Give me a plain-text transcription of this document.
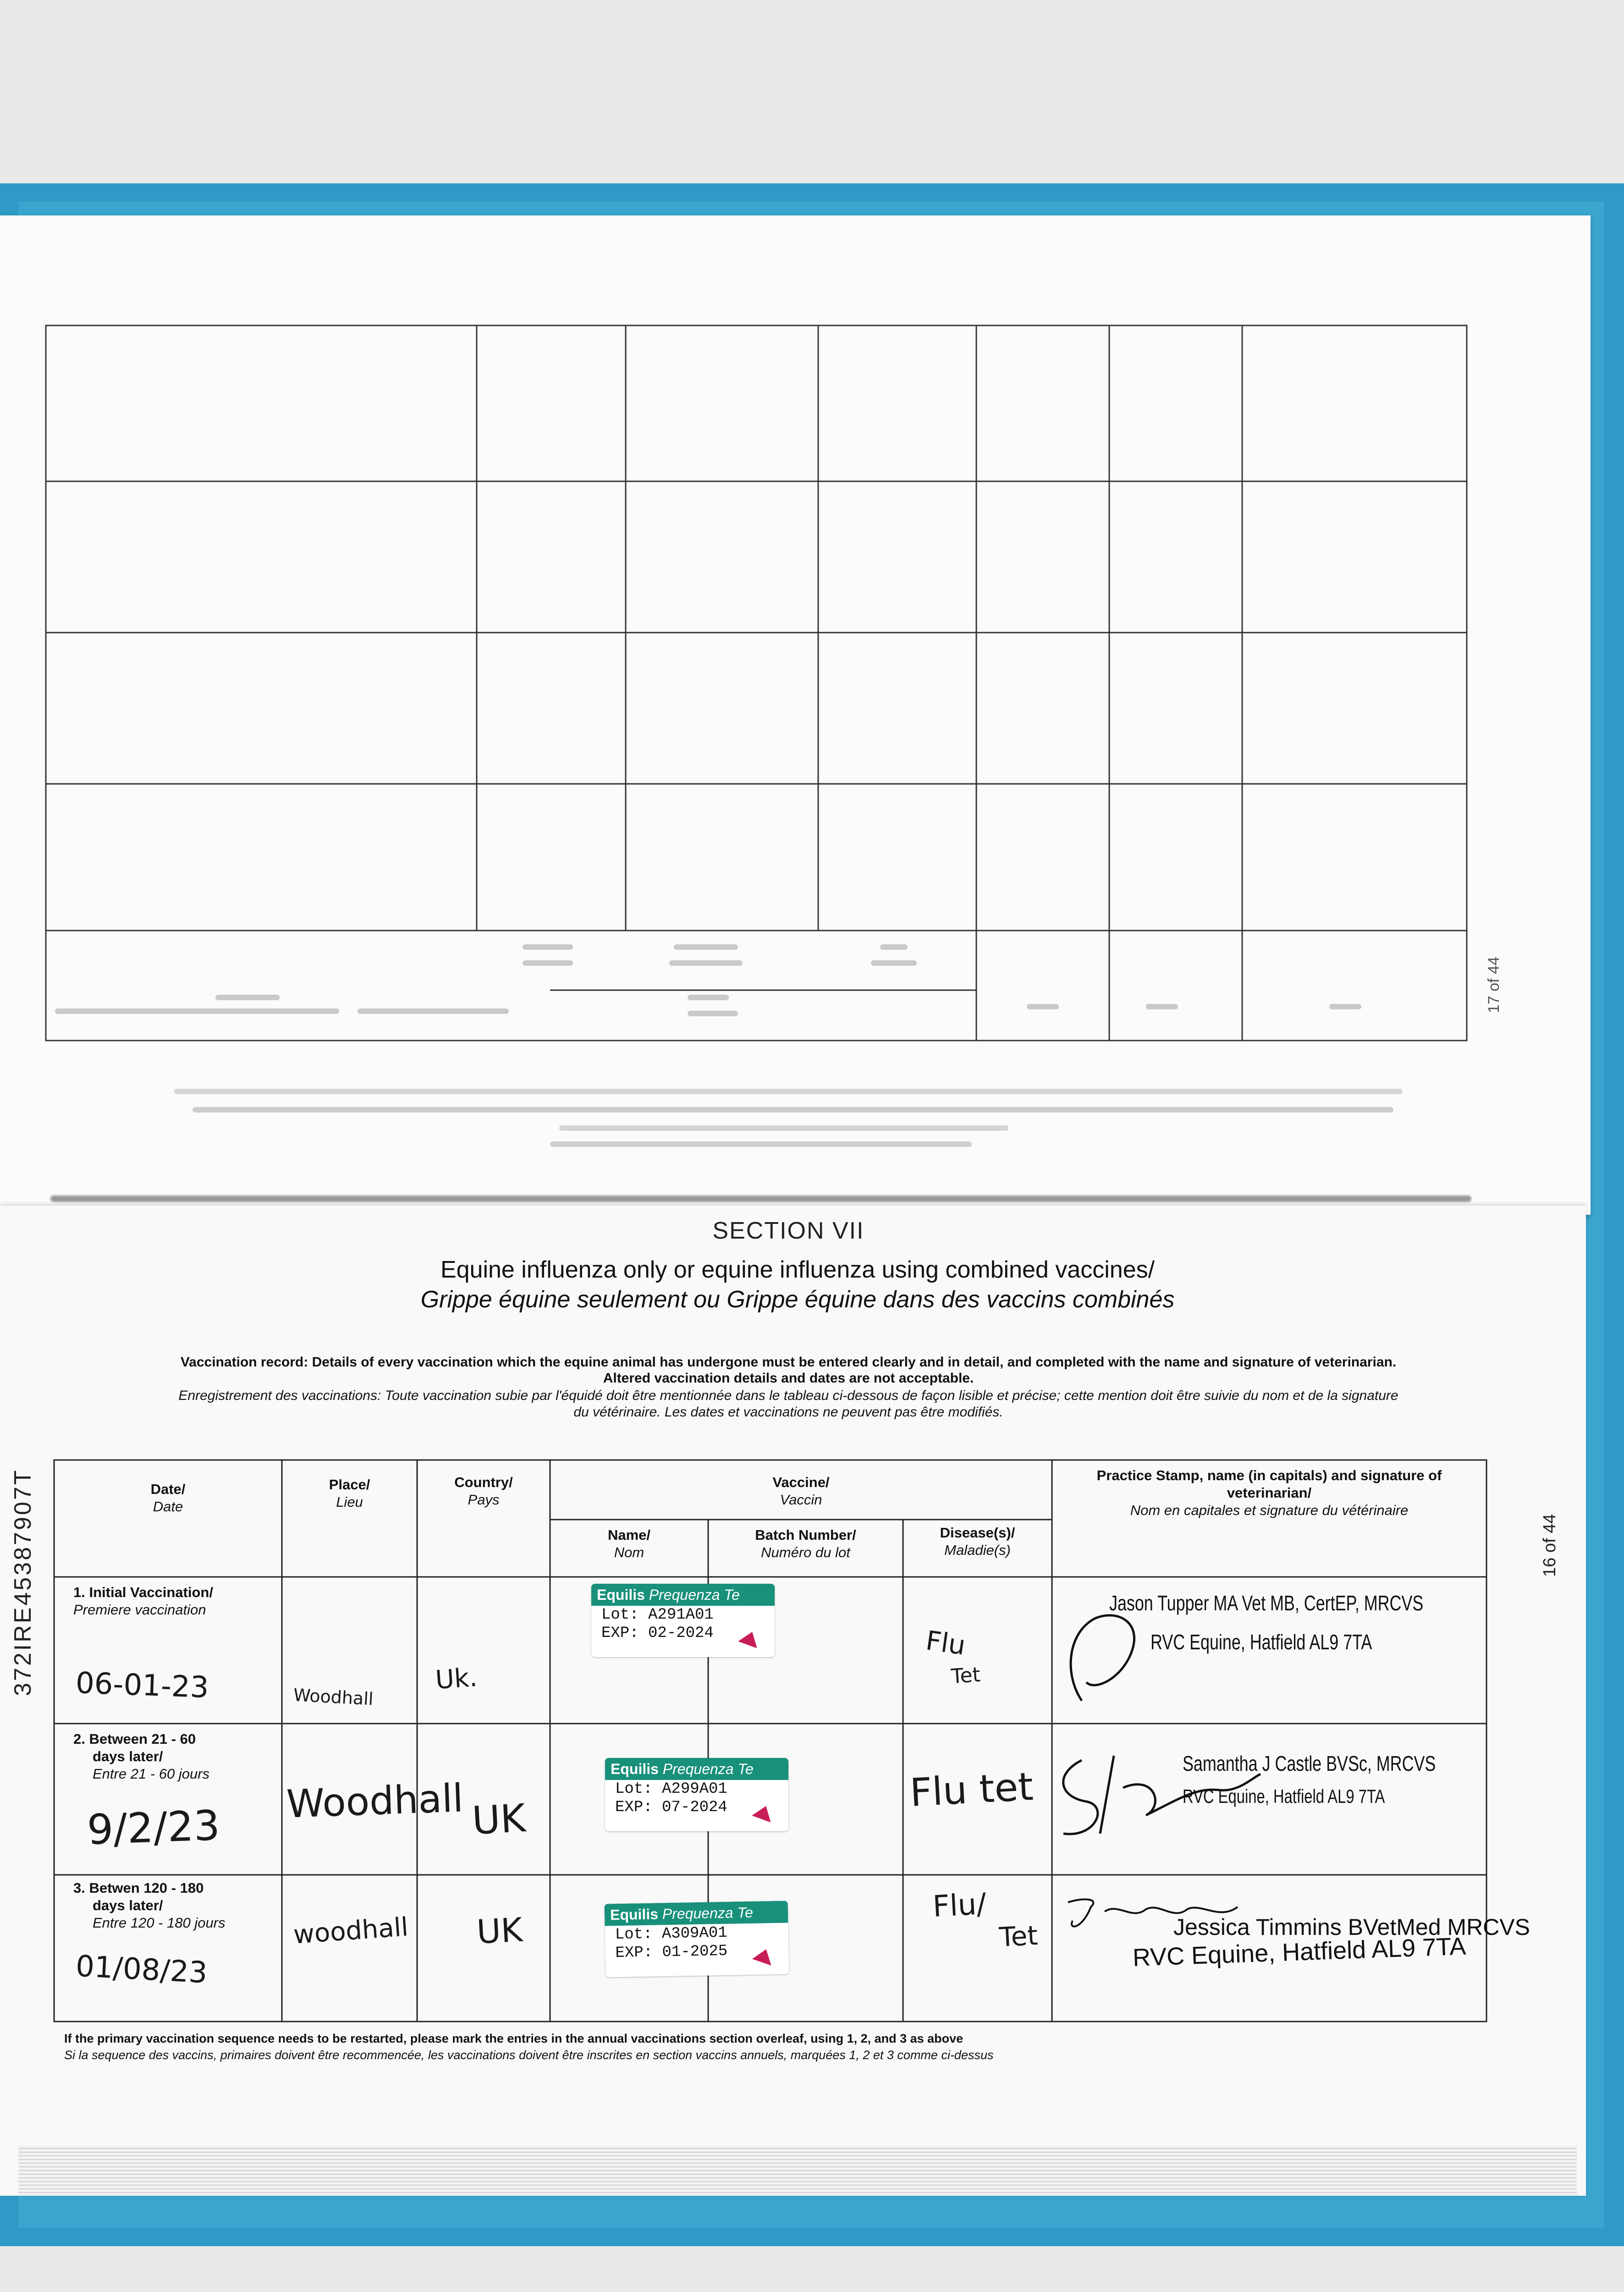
17 of 44
SECTION VII
Equine influenza only or equine influenza using combined vaccines/
Grippe équine seulement ou Grippe équine dans des vaccins combinés
Vaccination record: Details of every vaccination which the equine animal has undergone must be entered clearly and in detail, and completed with the name and signature of veterinarian.
Altered vaccination details and dates are not acceptable.
Enregistrement des vaccinations: Toute vaccination subie par l'équidé doit être mentionnée dans le tableau ci-dessous de façon lisible et précise; cette mention doit être suivie du nom et de la signature
du vétérinaire. Les dates et vaccinations ne peuvent pas être modifiés.
372IRE45387907T	16 of 44
Date/
Date
Place/
Lieu
Country/
Pays
Vaccine/
Vaccin
Name/
Nom
Batch Number/
Numéro du lot
Disease(s)/
Maladie(s)
Practice Stamp, name (in capitals) and signature of
veterinarian/
Nom en capitales et signature du vétérinaire
1. Initial Vaccination/
Premiere vaccination
2. Between 21 - 60
days later/
Entre 21 - 60 jours
3. Betwen 120 - 180
days later/
Entre 120 - 180 jours
06-01-23	Woodhall
Uk.
Flu
Tet
9/2/23
Woodhall UK
Flu tet
01/08/23
woodhall UK
Flu/
Tet
Equilis Prequenza Te
Lot: A291A01
EXP: 02-2024
Equilis Prequenza Te
Lot: A299A01
EXP: 07-2024
Equilis Prequenza Te
Lot: A309A01
EXP: 01-2025
Jason Tupper MA Vet MB, CertEP, MRCVS
RVC Equine, Hatfield AL9 7TA
Samantha J Castle BVSc, MRCVS
RVC Equine, Hatfield AL9 7TA
Jessica Timmins BVetMed MRCVS
RVC Equine, Hatfield AL9 7TA
If the primary vaccination sequence needs to be restarted, please mark the entries in the annual vaccinations section overleaf, using 1, 2, and 3 as above
Si la sequence des vaccins, primaires doivent être recommencée, les vaccinations doivent être inscrites en section vaccins annuels, marquées 1, 2 et 3 comme ci-dessus
